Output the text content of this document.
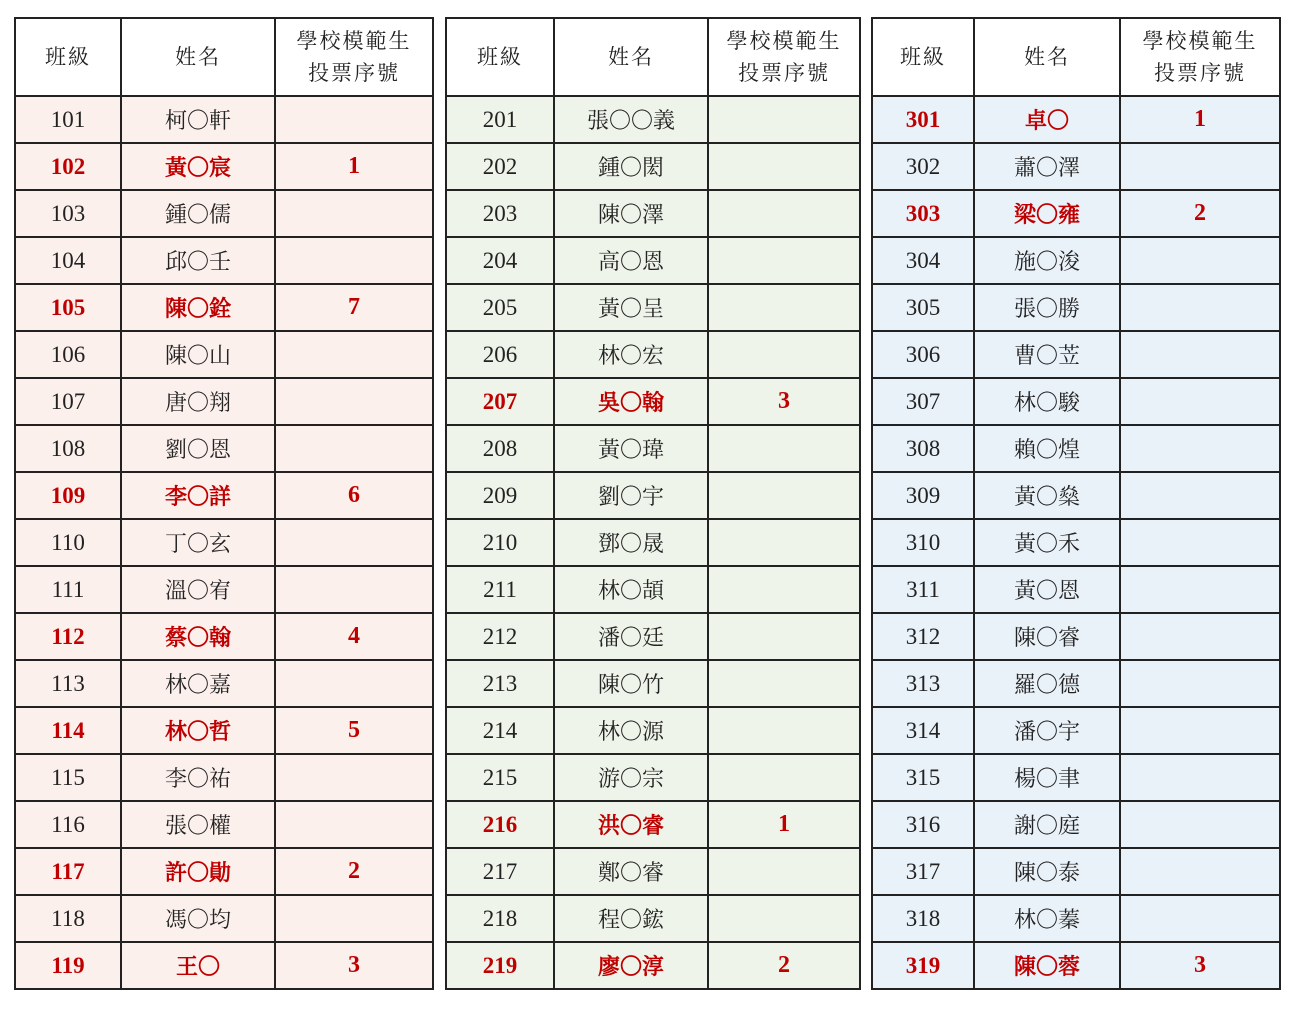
班級	姓名	學校模範生
投票序號

101	柯〇軒	
102	黃〇宸	1
103	鍾〇儒	
104	邱〇壬	
105	陳〇銓	7
106	陳〇山	
107	唐〇翔	
108	劉〇恩	
109	李〇詳	6
110	丁〇玄	
111	溫〇宥	
112	蔡〇翰	4
113	林〇嘉	
114	林〇哲	5
115	李〇祐	
116	張〇權	
117	許〇勛	2
118	馮〇均	
119	王〇	3
班級	姓名	學校模範生
投票序號

201	張〇〇義	
202	鍾〇閎	
203	陳〇澤	
204	高〇恩	
205	黃〇呈	
206	林〇宏	
207	吳〇翰	3
208	黃〇瑋	
209	劉〇宇	
210	鄧〇晟	
211	林〇頡	
212	潘〇廷	
213	陳〇竹	
214	林〇源	
215	游〇宗	
216	洪〇睿	1
217	鄭〇睿	
218	程〇鋐	
219	廖〇淳	2
班級	姓名	學校模範生
投票序號

301	卓〇	1
302	蕭〇澤	
303	梁〇雍	2
304	施〇浚	
305	張〇勝	
306	曹〇苙	
307	林〇駿	
308	賴〇煌	
309	黃〇燊	
310	黃〇禾	
311	黃〇恩	
312	陳〇睿	
313	羅〇德	
314	潘〇宇	
315	楊〇聿	
316	謝〇庭	
317	陳〇泰	
318	林〇蓁	
319	陳〇蓉	3
